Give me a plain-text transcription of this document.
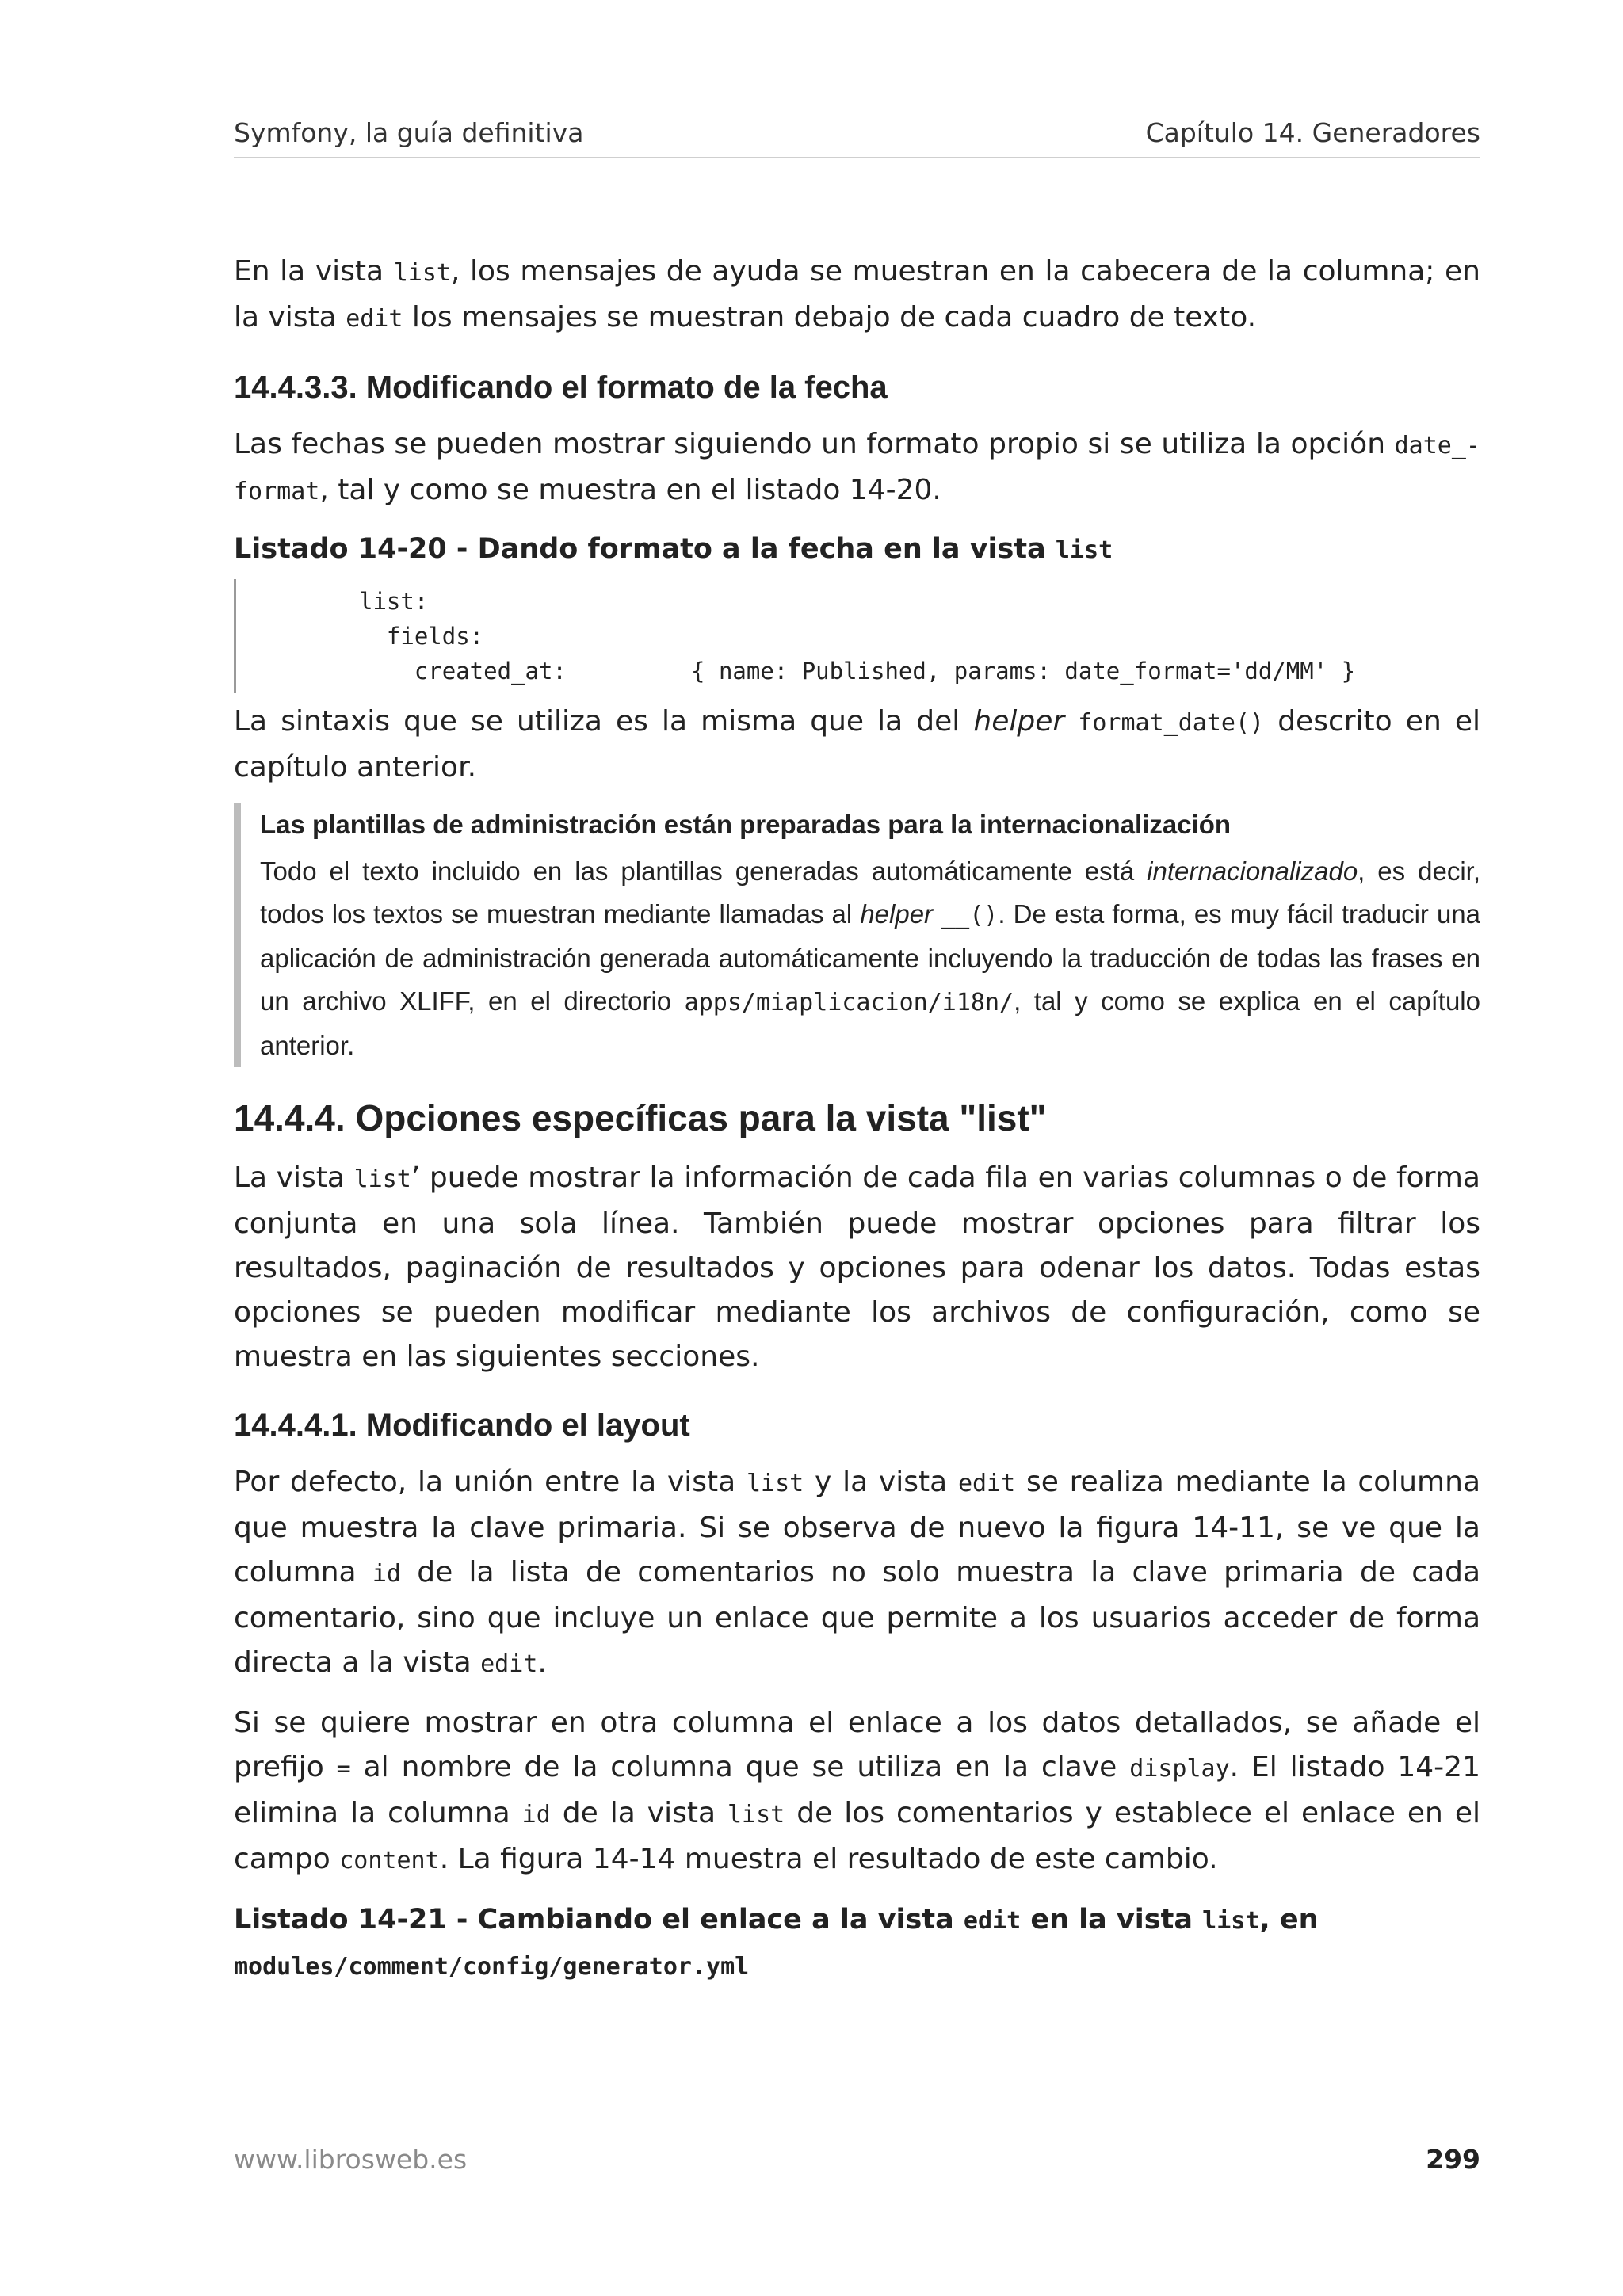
Symfony, la guía definitiva	Capítulo 14. Generadores

En la vista list, los mensajes de ayuda se muestran en la cabecera de la columna; en la vista edit los mensajes se muestran debajo de cada cuadro de texto.

14.4.3.3. Modificando el formato de la fecha

Las fechas se pueden mostrar siguiendo un formato propio si se utiliza la opción date_-format, tal y como se muestra en el listado 14-20.

Listado 14-20 - Dando formato a la fecha en la vista list

list:
fields:
created_at:         { name: Published, params: date_format='dd/MM' }

La sintaxis que se utiliza es la misma que la del helper format_date() descrito en el capítulo anterior.

Las plantillas de administración están preparadas para la internacionalización

Todo el texto incluido en las plantillas generadas automáticamente está internacionalizado, es decir, todos los textos se muestran mediante llamadas al helper __(). De esta forma, es muy fácil traducir una aplicación de administración generada automáticamente incluyendo la traducción de todas las frases en un archivo XLIFF, en el directorio apps/miaplicacion/i18n/, tal y como se explica en el capítulo anterior.

14.4.4. Opciones específicas para la vista "list"

La vista list’ puede mostrar la información de cada fila en varias columnas o de forma conjunta en una sola línea. También puede mostrar opciones para filtrar los resultados, paginación de resultados y opciones para odenar los datos. Todas estas opciones se pueden modificar mediante los archivos de configuración, como se muestra en las siguientes secciones.

14.4.4.1. Modificando el layout

Por defecto, la unión entre la vista list y la vista edit se realiza mediante la columna que muestra la clave primaria. Si se observa de nuevo la figura 14-11, se ve que la columna id de la lista de comentarios no solo muestra la clave primaria de cada comentario, sino que incluye un enlace que permite a los usuarios acceder de forma directa a la vista edit.

Si se quiere mostrar en otra columna el enlace a los datos detallados, se añade el prefijo = al nombre de la columna que se utiliza en la clave display. El listado 14-21 elimina la columna id de la vista list de los comentarios y establece el enlace en el campo content. La figura 14-14 muestra el resultado de este cambio.

Listado 14-21 - Cambiando el enlace a la vista edit en la vista list, en modules/comment/config/generator.yml

www.librosweb.es	299
